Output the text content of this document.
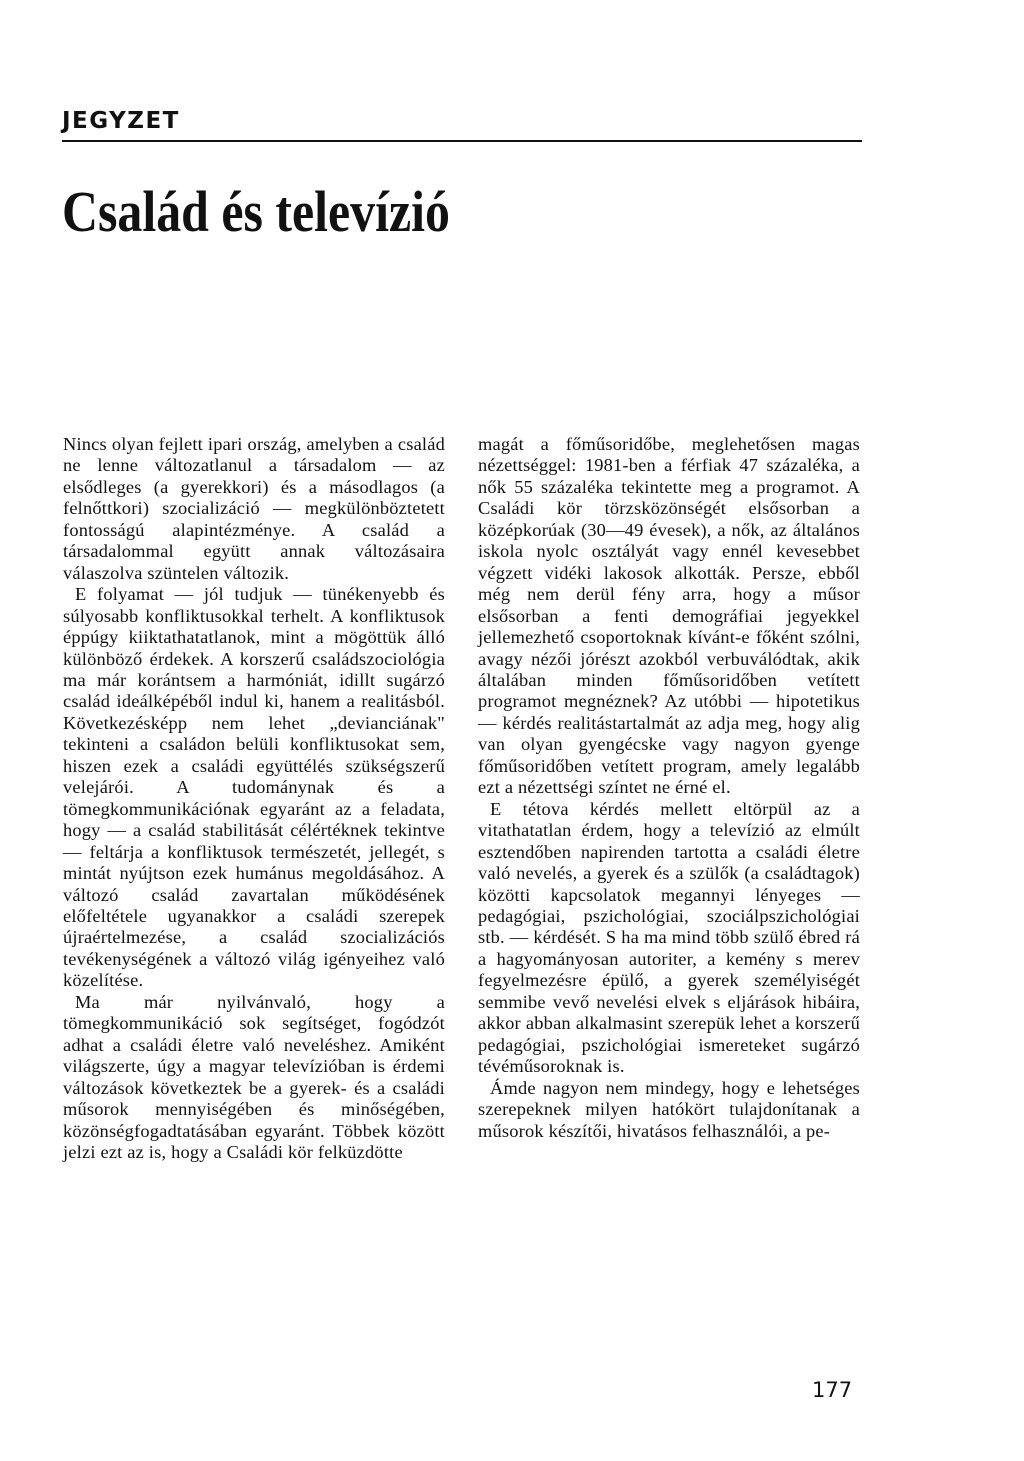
JEGYZET
Család és televízió

Nincs olyan fejlett ipari ország, amelyben a család ne lenne változatlanul a társadalom — az elsődleges (a gyerekkori) és a másodlagos (a felnőttkori) szocializáció — megkülönböztetett fontosságú alapintézménye. A család a társadalommal együtt annak változásaira válaszolva szüntelen változik.

E folyamat — jól tudjuk — tünékenyebb és súlyosabb konfliktusokkal terhelt. A konfliktusok éppúgy kiiktathatatlanok, mint a mögöttük álló különböző érdekek. A korszerű családszociológia ma már korántsem a harmóniát, idillt sugárzó család ideálképéből indul ki, hanem a realitásból. Következésképp nem lehet „devianciának" tekinteni a családon belüli konfliktusokat sem, hiszen ezek a családi együttélés szükségszerű velejárói. A tudománynak és a tömegkommunikációnak egyaránt az a feladata, hogy — a család stabilitását célértéknek tekintve — feltárja a konfliktusok természetét, jellegét, s mintát nyújtson ezek humánus megoldásához. A változó család zavartalan működésének előfeltétele ugyanakkor a családi szerepek újraértelmezése, a család szocializációs tevékenységének a változó világ igényeihez való közelítése.

Ma már nyilvánvaló, hogy a tömegkommunikáció sok segítséget, fogódzót adhat a családi életre való neveléshez. Amiként világszerte, úgy a magyar televízióban is érdemi változások következtek be a gyerek- és a családi műsorok mennyiségében és minőségében, közönségfogadtatásában egyaránt. Többek között jelzi ezt az is, hogy a Családi kör felküzdötte

magát a főműsoridőbe, meglehetősen magas nézettséggel: 1981-ben a férfiak 47 százaléka, a nők 55 százaléka tekintette meg a programot. A Családi kör törzsközönségét elsősorban a középkorúak (30—49 évesek), a nők, az általános iskola nyolc osztályát vagy ennél kevesebbet végzett vidéki lakosok alkották. Persze, ebből még nem derül fény arra, hogy a műsor elsősorban a fenti demográfiai jegyekkel jellemezhető csoportoknak kívánt-e főként szólni, avagy nézői jórészt azokból verbuválódtak, akik általában minden főműsoridőben vetített programot megnéznek? Az utóbbi — hipotetikus — kérdés realitástartalmát az adja meg, hogy alig van olyan gyengécske vagy nagyon gyenge főműsoridőben vetített program, amely legalább ezt a nézettségi színtet ne érné el.

E tétova kérdés mellett eltörpül az a vitathatatlan érdem, hogy a televízió az elmúlt esztendőben napirenden tartotta a családi életre való nevelés, a gyerek és a szülők (a családtagok) közötti kapcsolatok megannyi lényeges — pedagógiai, pszichológiai, szociálpszichológiai stb. — kérdését. S ha ma mind több szülő ébred rá a hagyományosan autoriter, a kemény s merev fegyelmezésre épülő, a gyerek személyiségét semmibe vevő nevelési elvek s eljárások hibáira, akkor abban alkalmasint szerepük lehet a korszerű pedagógiai, pszichológiai ismereteket sugárzó tévéműsoroknak is.

Ámde nagyon nem mindegy, hogy e lehetséges szerepeknek milyen hatókört tulajdonítanak a műsorok készítői, hivatásos felhasználói, a pe-

177
